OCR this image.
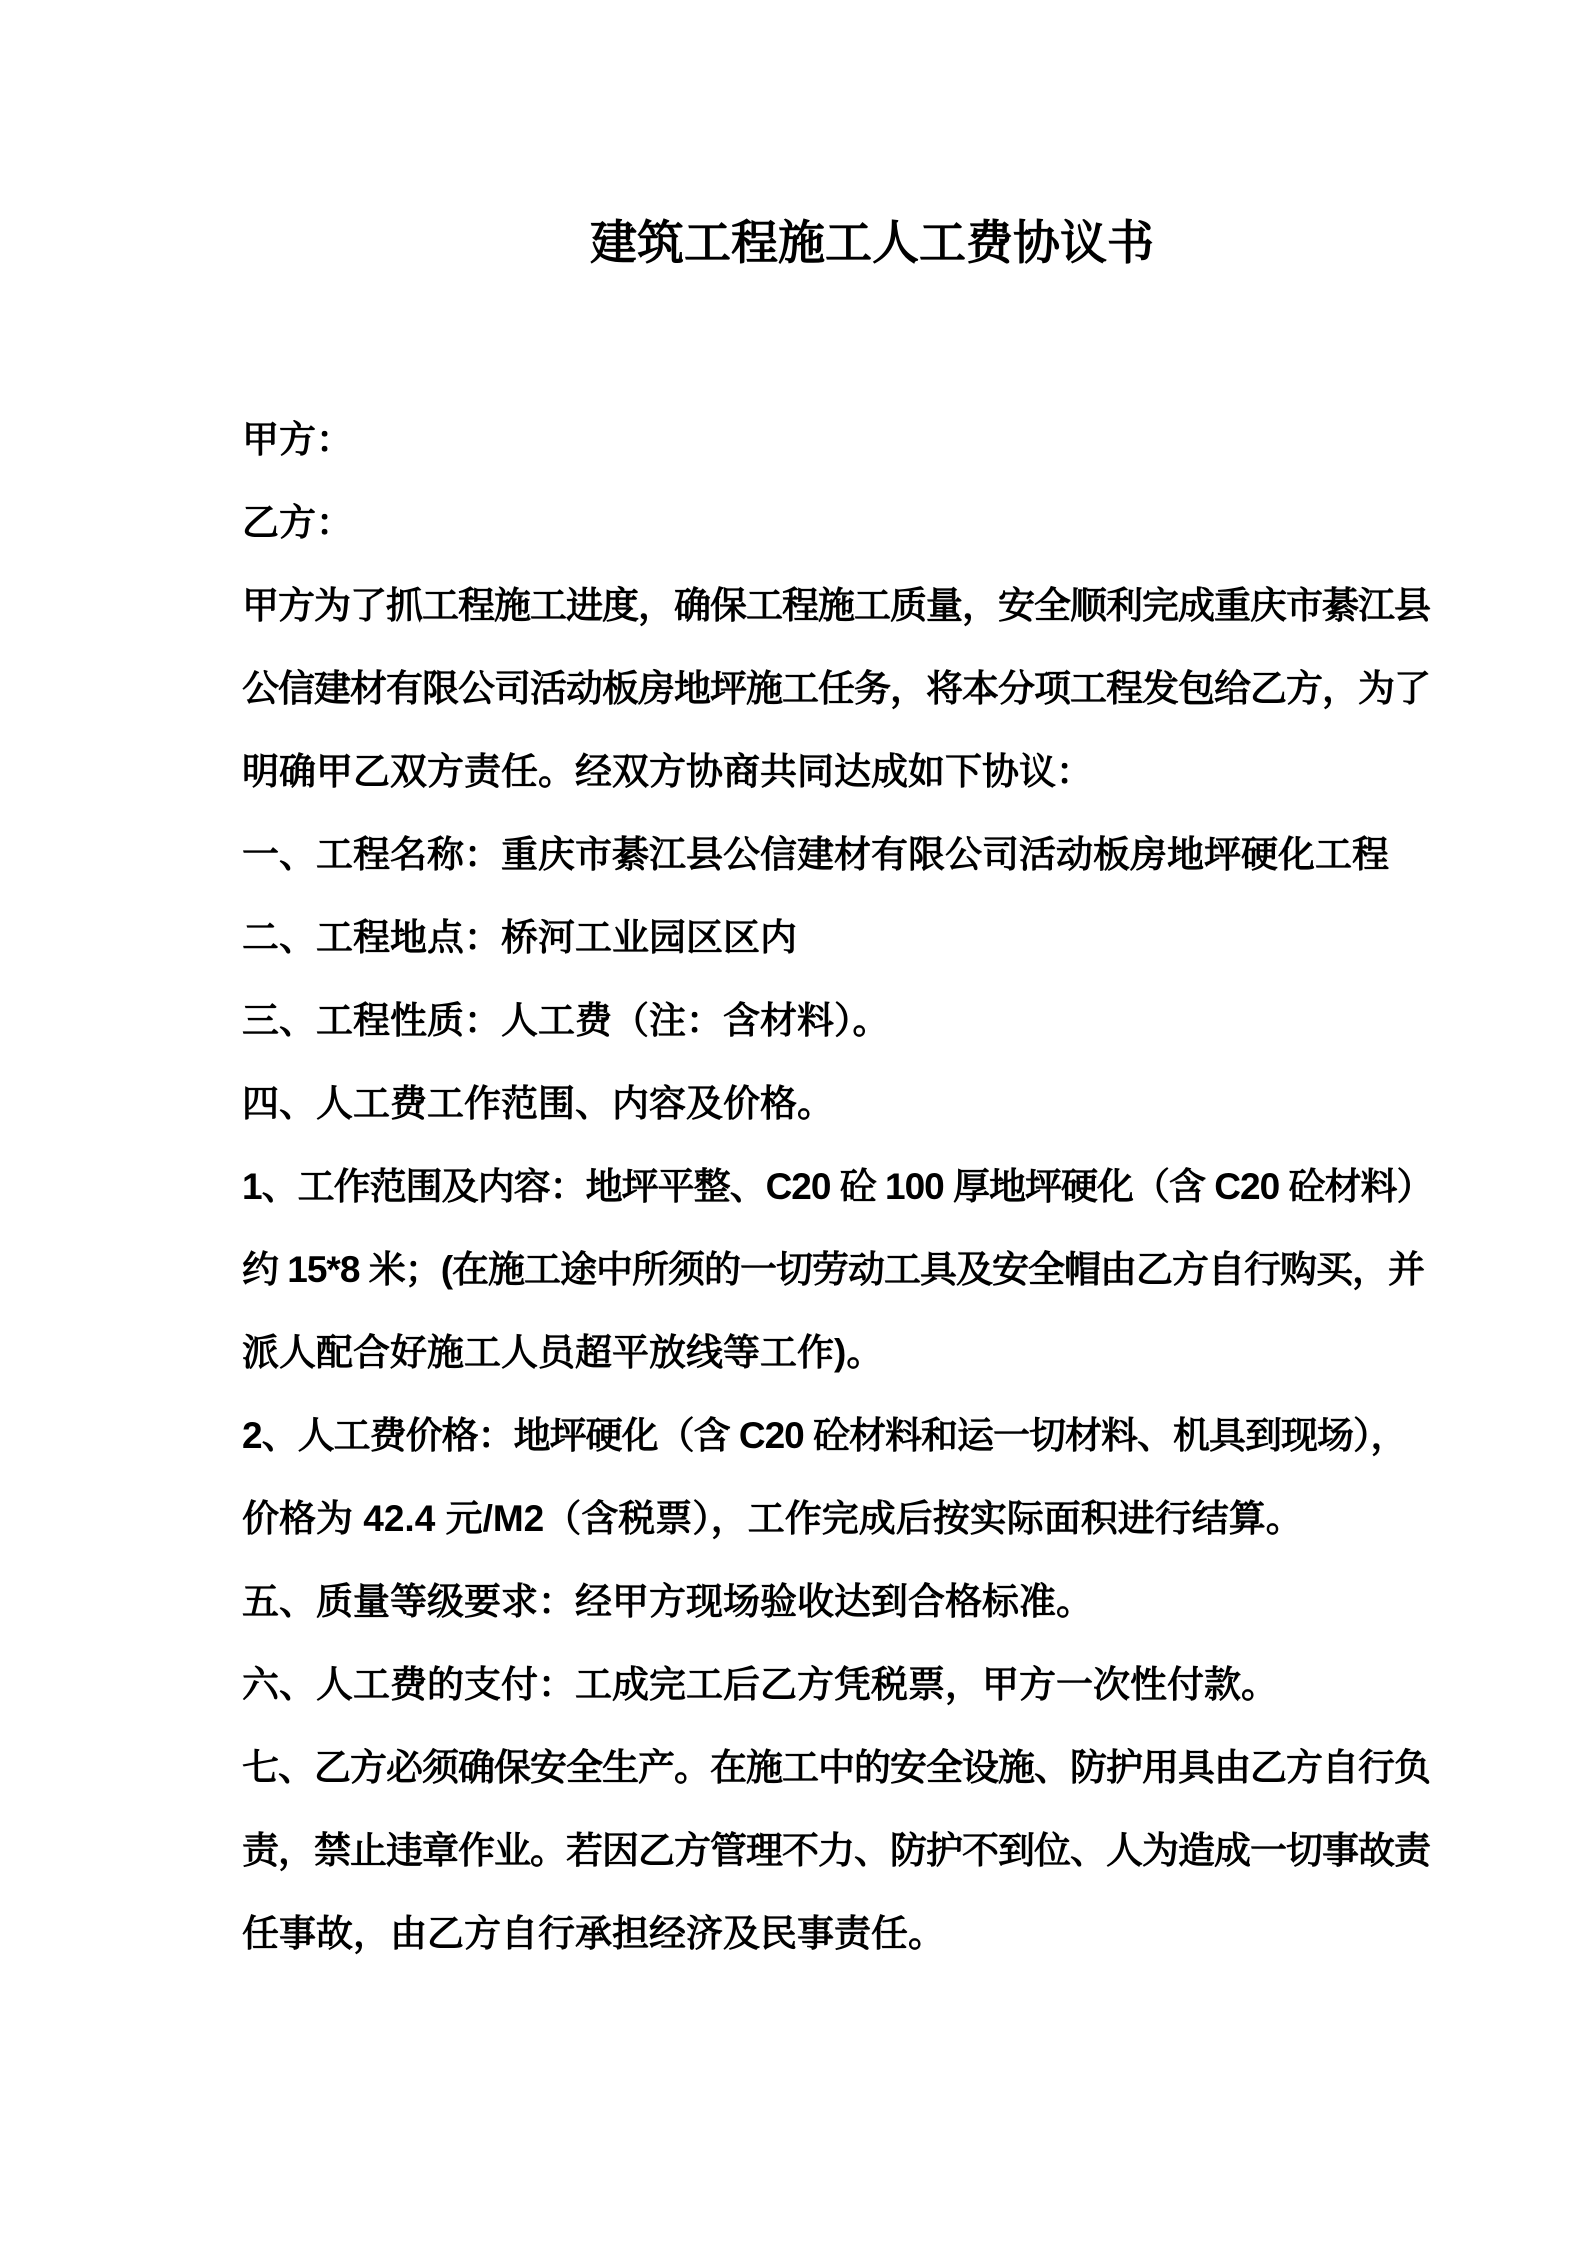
建筑工程施工人工费协议书
甲方：
乙方：
甲方为了抓工程施工进度，确保工程施工质量，安全顺利完成重庆市綦江县
公信建材有限公司活动板房地坪施工任务，将本分项工程发包给乙方，为了
明确甲乙双方责任。经双方协商共同达成如下协议：
一、工程名称：重庆市綦江县公信建材有限公司活动板房地坪硬化工程
二、工程地点：桥河工业园区区内
三、工程性质：人工费（注：含材料）。
四、人工费工作范围、内容及价格。
1、工作范围及内容：地坪平整、C20 砼 100 厚地坪硬化（含 C20 砼材料）
约 15*8 米；(在施工途中所须的一切劳动工具及安全帽由乙方自行购买，并
派人配合好施工人员超平放线等工作)。
2、人工费价格：地坪硬化（含 C20 砼材料和运一切材料、机具到现场），
价格为 42.4 元/M2（含税票），工作完成后按实际面积进行结算。
五、质量等级要求：经甲方现场验收达到合格标准。
六、人工费的支付：工成完工后乙方凭税票，甲方一次性付款。
七、乙方必须确保安全生产。在施工中的安全设施、防护用具由乙方自行负
责，禁止违章作业。若因乙方管理不力、防护不到位、人为造成一切事故责
任事故，由乙方自行承担经济及民事责任。
